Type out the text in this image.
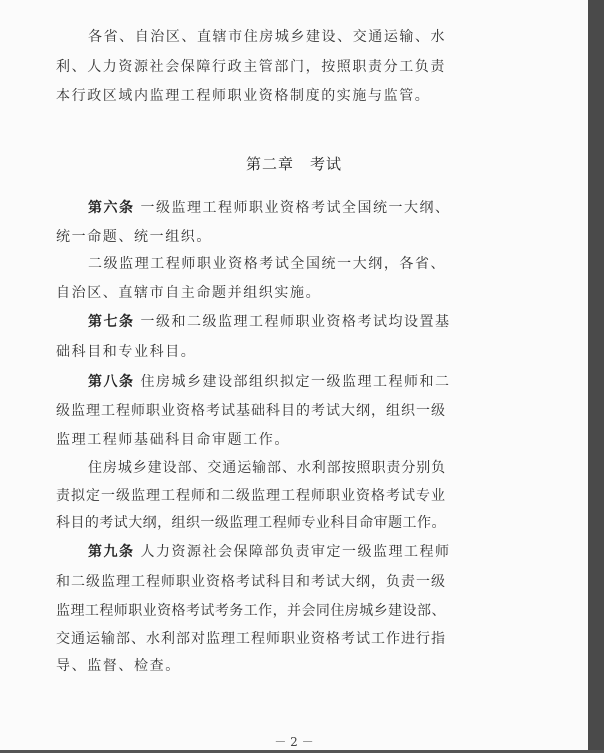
各省、自治区、直辖市住房城乡建设、交通运输、水
利、人力资源社会保障行政主管部门，按照职责分工负责
本行政区域内监理工程师职业资格制度的实施与监管。
第六条 一级监理工程师职业资格考试全国统一大纲、
统一命题、统一组织。
二级监理工程师职业资格考试全国统一大纲，各省、
自治区、直辖市自主命题并组织实施。
第七条 一级和二级监理工程师职业资格考试均设置基
础科目和专业科目。
第八条 住房城乡建设部组织拟定一级监理工程师和二
级监理工程师职业资格考试基础科目的考试大纲，组织一级
监理工程师基础科目命审题工作。
住房城乡建设部、交通运输部、水利部按照职责分别负
责拟定一级监理工程师和二级监理工程师职业资格考试专业
科目的考试大纲，组织一级监理工程师专业科目命审题工作。
第九条 人力资源社会保障部负责审定一级监理工程师
和二级监理工程师职业资格考试科目和考试大纲，负责一级
监理工程师职业资格考试考务工作，并会同住房城乡建设部、
交通运输部、水利部对监理工程师职业资格考试工作进行指
导、监督、检查。
第二章　考试
－ 2 －
